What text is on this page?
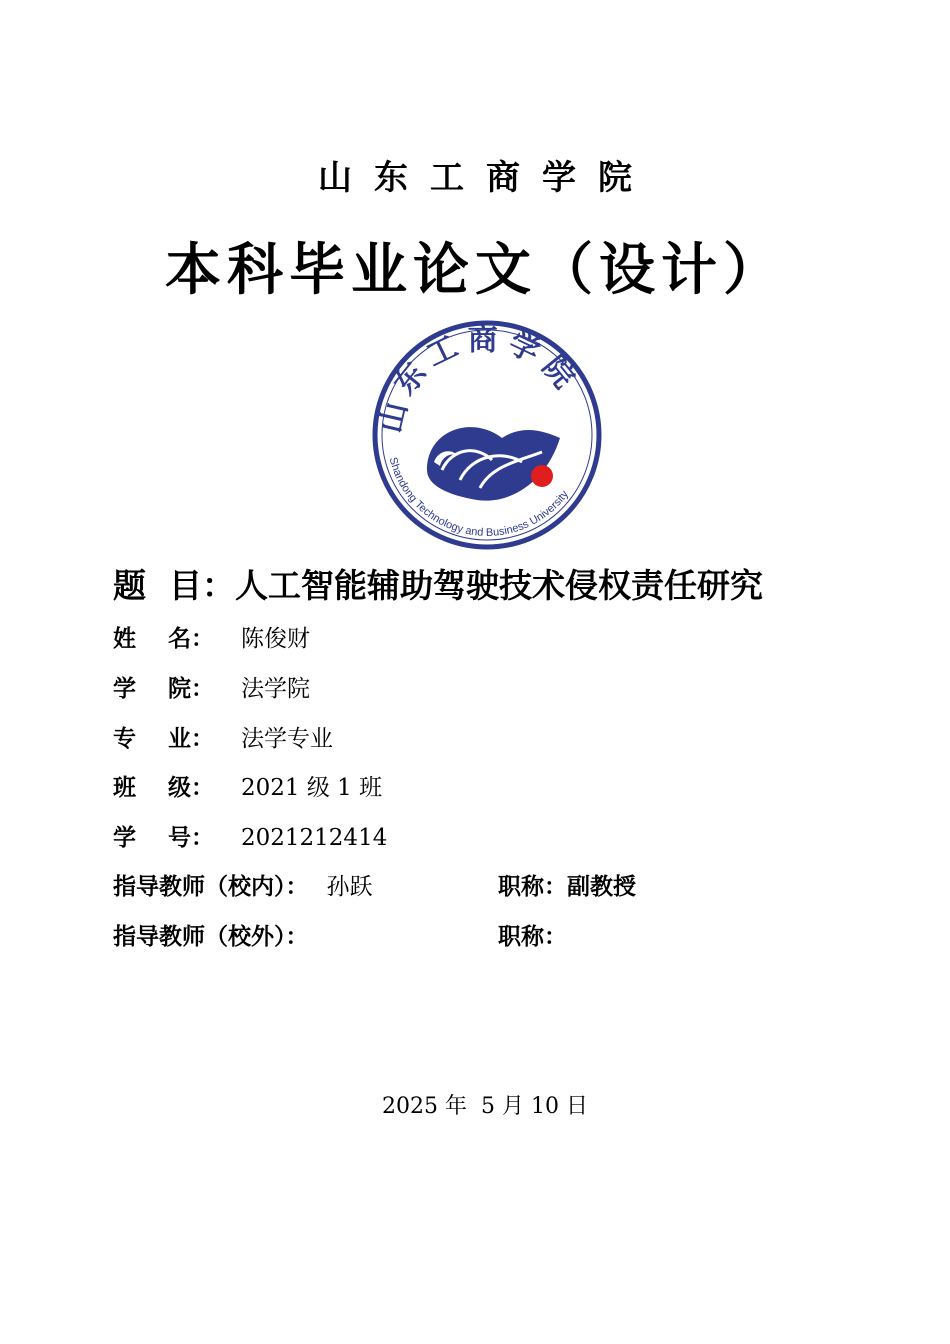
山东工商学院
本科毕业论文（设计）
山东工商学院
Shandong Technology and Business University
题  目：人工智能辅助驾驶技术侵权责任研究
姓    名： 陈俊财
学    院： 法学院
专    业： 法学专业
班    级： 2021 级 1 班
学    号： 2021212414
指导教师（校内）： 孙跃	职称：副教授
指导教师（校外）：	职称：
2025 年  5 月 10 日
